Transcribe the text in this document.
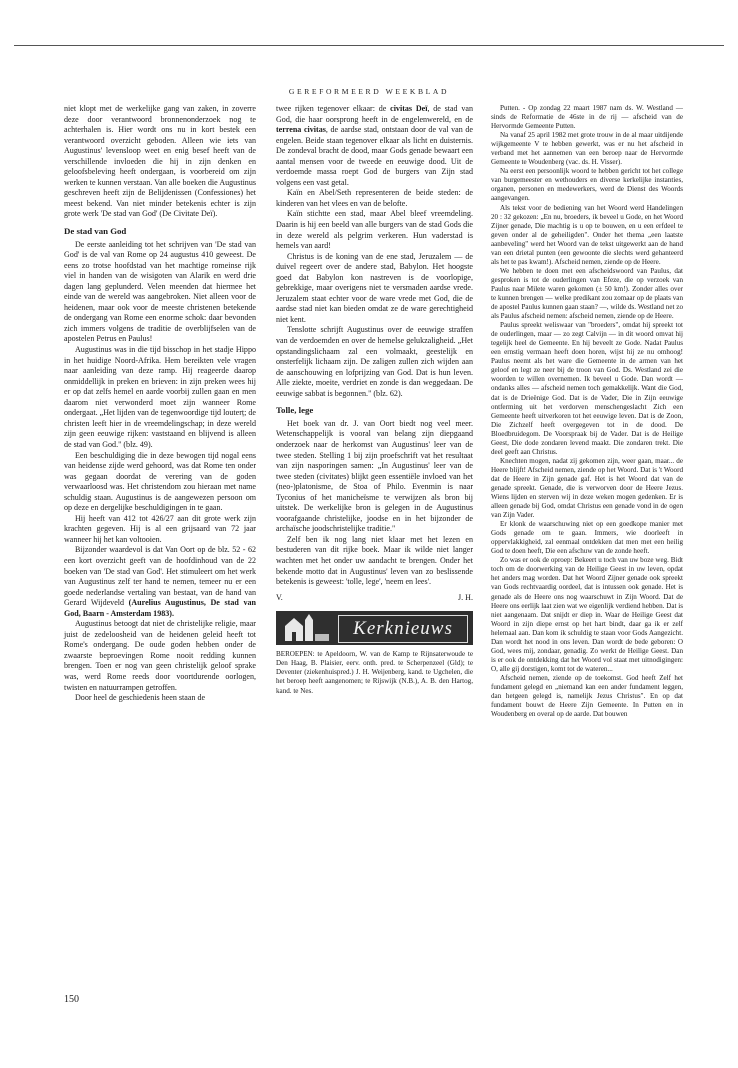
GEREFORMEERD WEEKBLAD

niet klopt met de werkelijke gang van zaken, in zoverre deze door verantwoord bronnenonderzoek nog te achterhalen is. Hier wordt ons nu in kort bestek een verantwoord overzicht geboden. Alleen wie iets van Augustinus' levensloop weet en enig besef heeft van de verschillende invloeden die hij in zijn denken en geloofsbeleving heeft ondergaan, is voorbereid om zijn werken te kunnen verstaan. Van alle boeken die Augustinus geschreven heeft zijn de Belijdenissen (Confessiones) het meest bekend. Van niet minder betekenis echter is zijn grote werk 'De stad van God' (De Civitate Deï).

De stad van God

De eerste aanleiding tot het schrijven van 'De stad van God' is de val van Rome op 24 augustus 410 geweest. De eens zo trotse hoofdstad van het machtige romeinse rijk viel in handen van de wisigoten van Alarik en werd drie dagen lang geplunderd. Velen meenden dat hiermee het einde van de wereld was aangebroken. Niet alleen voor de heidenen, maar ook voor de meeste christenen betekende de ondergang van Rome een enorme schok: daar bevonden zich immers volgens de traditie de overblijfselen van de apostelen Petrus en Paulus!

Augustinus was in die tijd bisschop in het stadje Hippo in het huidige Noord-Afrika. Hem bereikten vele vragen naar aanleiding van deze ramp. Hij reageerde daarop onmiddellijk in preken en brieven: in zijn preken wees hij er op dat zelfs hemel en aarde voorbij zullen gaan en men daarom niet verwonderd moet zijn wanneer Rome ondergaat. „Het lijden van de tegenwoordige tijd louterț; de christen leeft hier in de vreemdelingschap; in deze wereld zijn geen eeuwige rijken: vaststaand en blijvend is alleen de stad van God." (blz. 49).

Een beschuldiging die in deze bewogen tijd nogal eens van heidense zijde werd gehoord, was dat Rome ten onder was gegaan doordat de verering van de goden verwaarloosd was. Het christendom zou hieraan met name schuldig staan. Augustinus is de aangewezen persoon om op deze en dergelijke beschuldigingen in te gaan.

Hij heeft van 412 tot 426/27 aan dit grote werk zijn krachten gegeven. Hij is al een grijsaard van 72 jaar wanneer hij het kan voltooien.

Bijzonder waardevol is dat Van Oort op de blz. 52 - 62 een kort overzicht geeft van de hoofdinhoud van de 22 boeken van 'De stad van God'. Het stimuleert om het werk van Augustinus zelf ter hand te nemen, temeer nu er een goede nederlandse vertaling van bestaat, van de hand van Gerard Wijdeveld (Aurelius Augustinus, De stad van God, Baarn - Amsterdam 1983).

Augustinus betoogt dat niet de christelijke religie, maar juist de zedeloosheid van de heidenen geleid heeft tot Rome's ondergang. De oude goden hebben onder de zwaarste beproevingen Rome nooit redding kunnen brengen. Toen er nog van geen christelijk geloof sprake was, werd Rome reeds door voortdurende oorlogen, twisten en natuurrampen getroffen.

Door heel de geschiedenis heen staan de

twee rijken tegenover elkaar: de civitas Deï, de stad van God, die haar oorsprong heeft in de engelenwereld, en de terrena civitas, de aardse stad, ontstaan door de val van de engelen. Beide staan tegenover elkaar als licht en duisternis. De zondeval bracht de dood, maar Gods genade bewaart een aantal mensen voor de tweede en eeuwige dood. Uit de verdoemde massa roept God de burgers van Zijn stad volgens een vast getal.

Kaïn en Abel/Seth representeren de beide steden: de kinderen van het vlees en van de beloftе.

Kaïn stichtte een stad, maar Abel bleef vreemdeling. Daarin is hij een beeld van alle burgers van de stad Gods die in deze wereld als pelgrim verkeren. Hun vaderstad is hemels van aard!

Christus is de koning van de ene stad, Jeruzalem — de duivel regeert over de andere stad, Babylon. Het hoogste goed dat Babylon kon nastreven is de voorlopige, gebrekkige, maar overigens niet te versmaden aardse vrede. Jeruzalem staat echter voor de ware vrede met God, die de aardse stad niet kan bieden omdat ze de ware gerechtigheid niet kent.

Tenslotte schrijft Augustinus over de eeuwige straffen van de verdoemden en over de hemelse gelukzaligheid. „Het opstandingslichaam zal een volmaakt, geestelijk en onsterfelijk lichaam zijn. De zaligen zullen zich wijden aan de aanschouwing en lofprijzing van God. Dat is hun leven. Alle ziekte, moeite, verdriet en zonde is dan weggedaan. De eeuwige sabbat is begonnen." (blz. 62).

Tolle, lege

Het boek van dr. J. van Oort biedt nog veel meer. Wetenschappelijk is vooral van belang zijn diepgaand onderzoek naar de herkomst van Augustinus' leer van de twee steden. Stelling 1 bij zijn proefschrift vat het resultaat van zijn nasporingen samen: „In Augustinus' leer van de twee steden (civitates) blijkt geen essentiële invloed van het (neo-)platonisme, de Stoa of Philo. Evenmin is naar Tyconius of het manicheïsme te verwijzen als bron bij uitstek. De werkelijke bron is gelegen in de Augustinus voorafgaande christelijke, joodse en in het bijzonder de archaïsche joodschristelijke traditie."

Zelf ben ik nog lang niet klaar met het lezen en bestuderen van dit rijke boek. Maar ik wilde niet langer wachten met het onder uw aandacht te brengen. Onder het bekende motto dat in Augustinus' leven van zo beslissende betekenis is geweest: 'tolle, lege', 'neem en lees'.

V.	J. H.
Kerknieuws

BEROEPEN: te Apeldoorn, W. van de Kamp te Rijnsaterwoude te Den Haag, B. Plaisier, eerv. onth. pred. te Scherpenzeel (Gld); te Deventer (ziekenhuispred.) J. H. Weijenberg, kand. te Ugchelen, die het beroep heeft aangenomen; te Rijswijk (N.B.), A. B. den Hartog, kand. te Nes.

Putten. - Op zondag 22 maart 1987 nam ds. W. Westland — sinds de Reformatie de 46ste in de rij — afscheid van de Hervormde Gemeente Putten.

Na vanaf 25 april 1982 met grote trouw in de al maar uitdijende wijkgemeente V te hebben gewerkt, was er nu het afscheid in verband met het aannemen van een beroep naar de Hervormde Gemeente te Woudenberg (vac. ds. H. Visser).

Na eerst een persoonlijk woord te hebben gericht tot het college van burgemeester en wethouders en diverse kerkelijke instanties, organen, personen en medewerkers, werd de Dienst des Woords aangevangen.

Als tekst voor de bediening van het Woord werd Handelingen 20 : 32 gekozen: „En nu, broeders, ik beveel u Gode, en het Woord Zijner genade, Die machtig is u op te bouwen, en u een erfdeel te geven onder al de geheiligden". Onder het thema „een laatste aanbeveling" werd het Woord van de tekst uitgewerkt aan de hand van een drietal punten (een gewoonte die slechts werd gehanteerd als het te pas kwam!). Afscheid nemen, ziende op de Heere.

We hebben te doen met een afscheidswoord van Paulus, dat gesproken is tot de ouderlingen van Efeze, die op verzoek van Paulus naar Milete waren gekomen (± 50 km!). Zonder alles over te kunnen brengen — welke predikant zou zomaar op de plaats van de apostel Paulus kunnen gaan staan? —, wilde ds. Westland net zo als Paulus afscheid nemen: afscheid nemen, ziende op de Heere.

Paulus spreekt weliswaar van "broeders", omdat hij spreekt tot de ouderlingen, maar — zo zegt Calvijn — in dit woord omvat hij tegelijk heel de Gemeente. En hij beveelt ze Gode. Nadat Paulus een ernstig vermaan heeft doen horen, wijst hij ze nu omhoog! Paulus neemt als het ware die Gemeente in de armen van het geloof en legt ze neer bij de troon van God. Ds. Westland zei die woorden te willen overnemen. Ik beveel u Gode. Dan wordt — ondanks alles — afscheid nemen toch gemakkelijk. Want die God, dat is de Drieënige God. Dat is de Vader, Die in Zijn eeuwige ontferming uit het verdorven menschengeslacht Zich een Gemeente heeft uitverkoren tot het eeuwige leven. Dat is de Zoon, Die Zichzelf heeft overgegeven tot in de dood. De Bloedbruidegom. De Voorspraak bij de Vader. Dat is de Heilige Geest, Die dode zondaren levend maakt. Die zondaren trekt. Die deel geeft aan Christus.

Knechten mogen, nadat zij gekomen zijn, weer gaan, maar... de Heere blijft! Afscheid nemen, ziende op het Woord. Dat is 't Woord dat de Heere in Zijn genade gaf. Het is het Woord dat van de genade spreekt. Genade, die is verworven door de Heere Jezus. Wiens lijden en sterven wij in deze weken mogen gedenken. Er is alleen genade bij God, omdat Christus een genade vond in de ogen van Zijn Vader.

Er klonk de waarschuwing niet op een goedkope manier met Gods genade om te gaan. Immers, wie doorleeft in oppervlakkigheid, zal eenmaal ontdekken dat men met een heilig God te doen heeft, Die een afschuw van de zonde heeft.

Zo was er ook de oproep: Bekeert u toch van uw boze weg. Bidt toch om de doorwerking van de Heilige Geest in uw leven, opdat het anders mag worden. Dat het Woord Zijner genade ook spreekt van Gods rechtvaardig oordeel, dat is intussen ook genade. Het is genade als de Heere ons nog waarschuwt in Zijn Woord. Dat de Heere ons eerlijk laat zien wat we eigenlijk verdiend hebben. Dat is niet aangenaam. Dat snijdt er diep in. Waar de Heilige Geest dat Woord in zijn diepe ernst op het hart bindt, daar ga ik er zelf helemaal aan. Dan kom ik schuldig te staan voor Gods Aangezicht. Dan wordt het nood in ons leven. Dan wordt de bede geboren: O God, wees mij, zondaar, genadig. Zo werkt de Heilige Geest. Dan is er ook de ontdekking dat het Woord vol staat met uitnodigingen: O, alle gij dorstigen, komt tot de wateren...

Afscheid nemen, ziende op de toekomst. God heeft Zelf het fundament gelegd en „niemand kan een ander fundament leggen, dan hetgeen gelegd is, namelijk Jezus Christus". En op dat fundament bouwt de Heere Zijn Gemeente. In Putten en in Woudenberg en overal op de aarde. Dat bouwen

150
